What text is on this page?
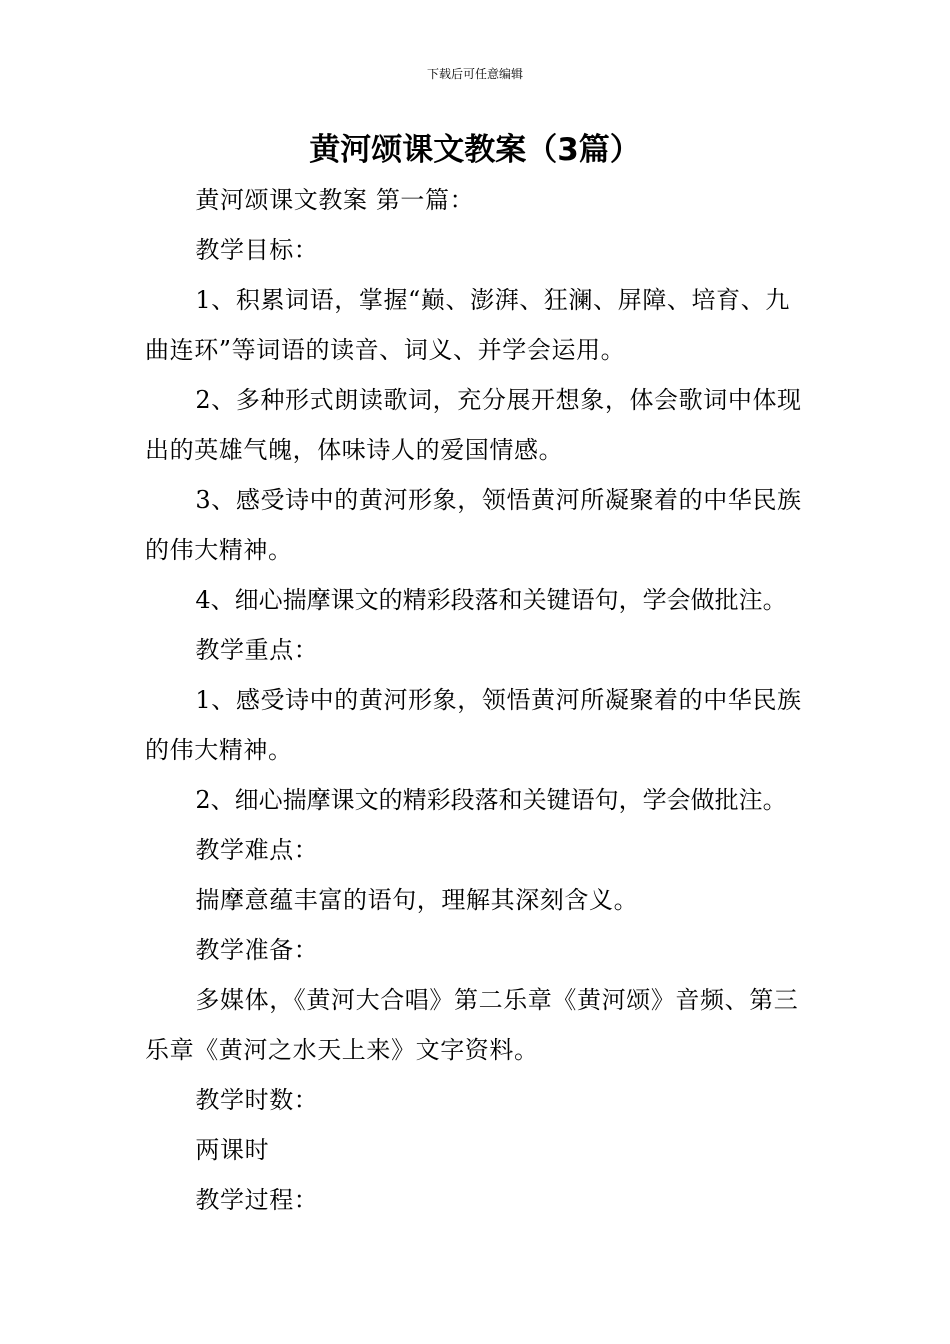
下载后可任意编辑
黄河颂课文教案（3篇）

黄河颂课文教案 第一篇：

教学目标：

1、积累词语，掌握“巅、澎湃、狂澜、屏障、培育、九曲连环”等词语的读音、词义、并学会运用。

2、多种形式朗读歌词，充分展开想象，体会歌词中体现出的英雄气魄，体味诗人的爱国情感。

3、感受诗中的黄河形象，领悟黄河所凝聚着的中华民族的伟大精神。

4、细心揣摩课文的精彩段落和关键语句，学会做批注。

教学重点：

1、感受诗中的黄河形象，领悟黄河所凝聚着的中华民族的伟大精神。

2、细心揣摩课文的精彩段落和关键语句，学会做批注。

教学难点：

揣摩意蕴丰富的语句，理解其深刻含义。

教学准备：

多媒体，《黄河大合唱》第二乐章《黄河颂》音频、第三乐章《黄河之水天上来》文字资料。

教学时数：

两课时

教学过程：
